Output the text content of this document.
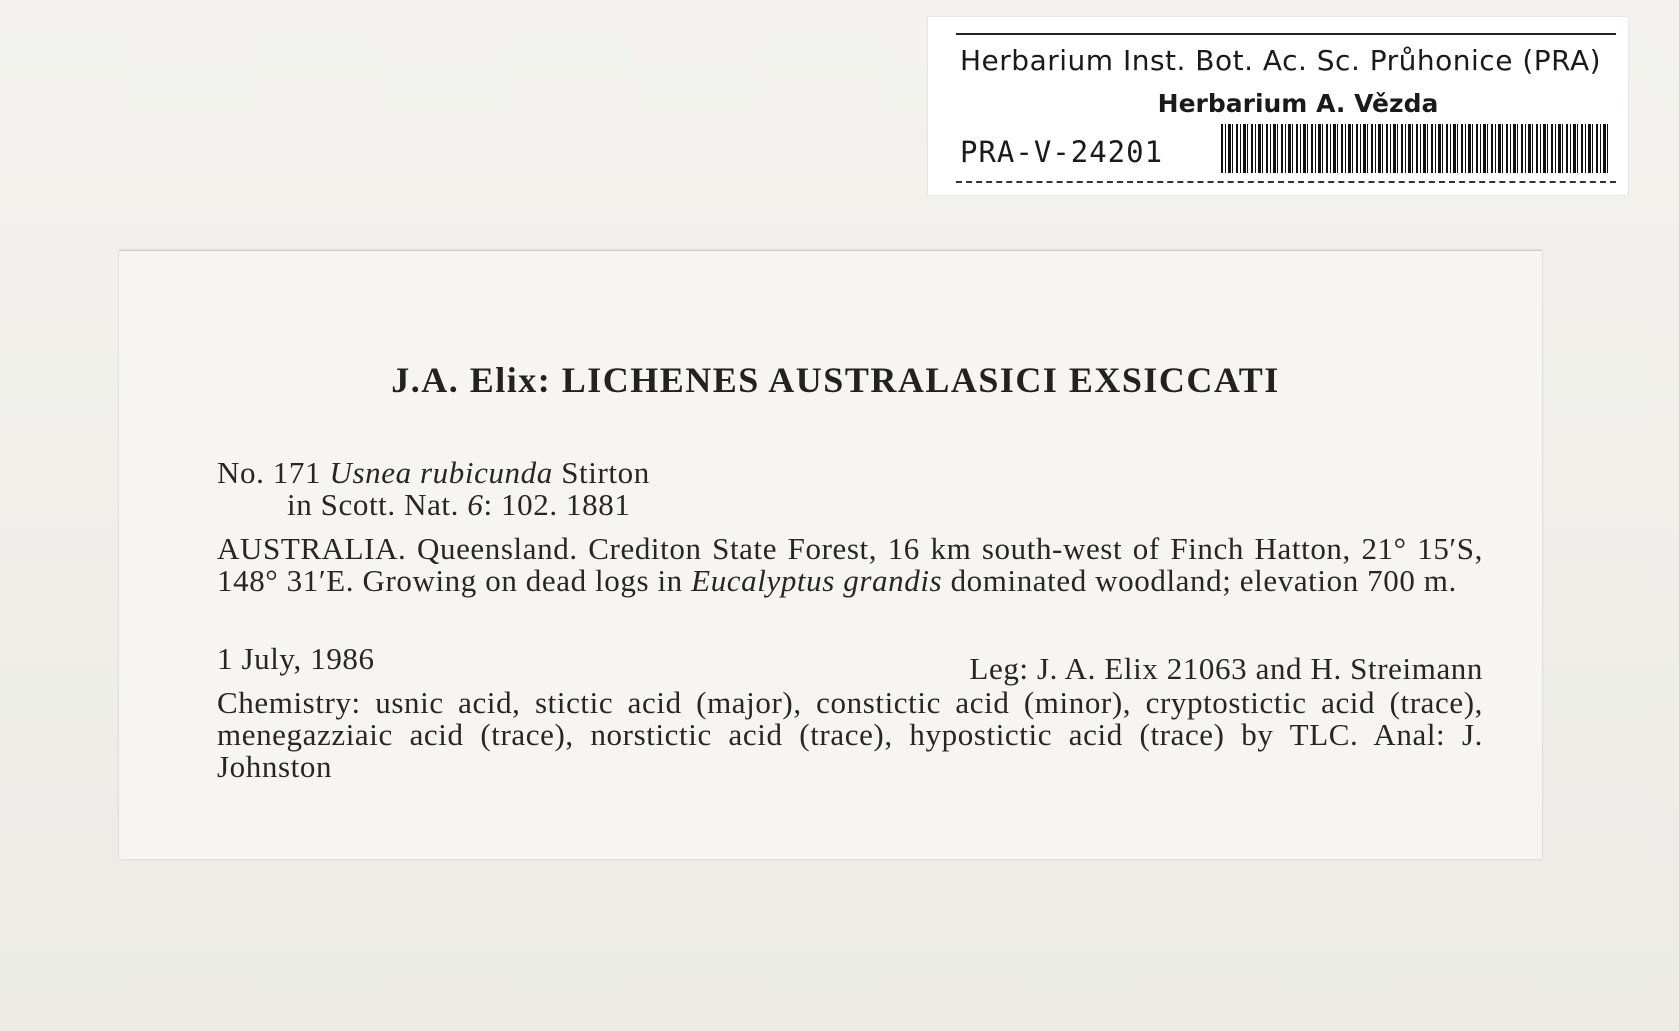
Herbarium Inst. Bot. Ac. Sc. Průhonice (PRA)
Herbarium A. Vězda
PRA-V-24201
J.A. Elix: LICHENES AUSTRALASICI EXSICCATI
No. 171 Usnea rubicunda Stirton
in Scott. Nat. 6: 102. 1881
AUSTRALIA. Queensland. Crediton State Forest, 16 km south-west of Finch Hatton, 21° 15′S, 148° 31′E. Growing on dead logs in Eucalyptus grandis dominated woodland; elevation 700 m.
1 July, 1986	Leg: J. A. Elix 21063 and H. Streimann
Chemistry: usnic acid, stictic acid (major), constictic acid (minor), cryptostictic acid (trace), menegazziaic acid (trace), norstictic acid (trace), hypostictic acid (trace) by TLC. Anal: J. Johnston
